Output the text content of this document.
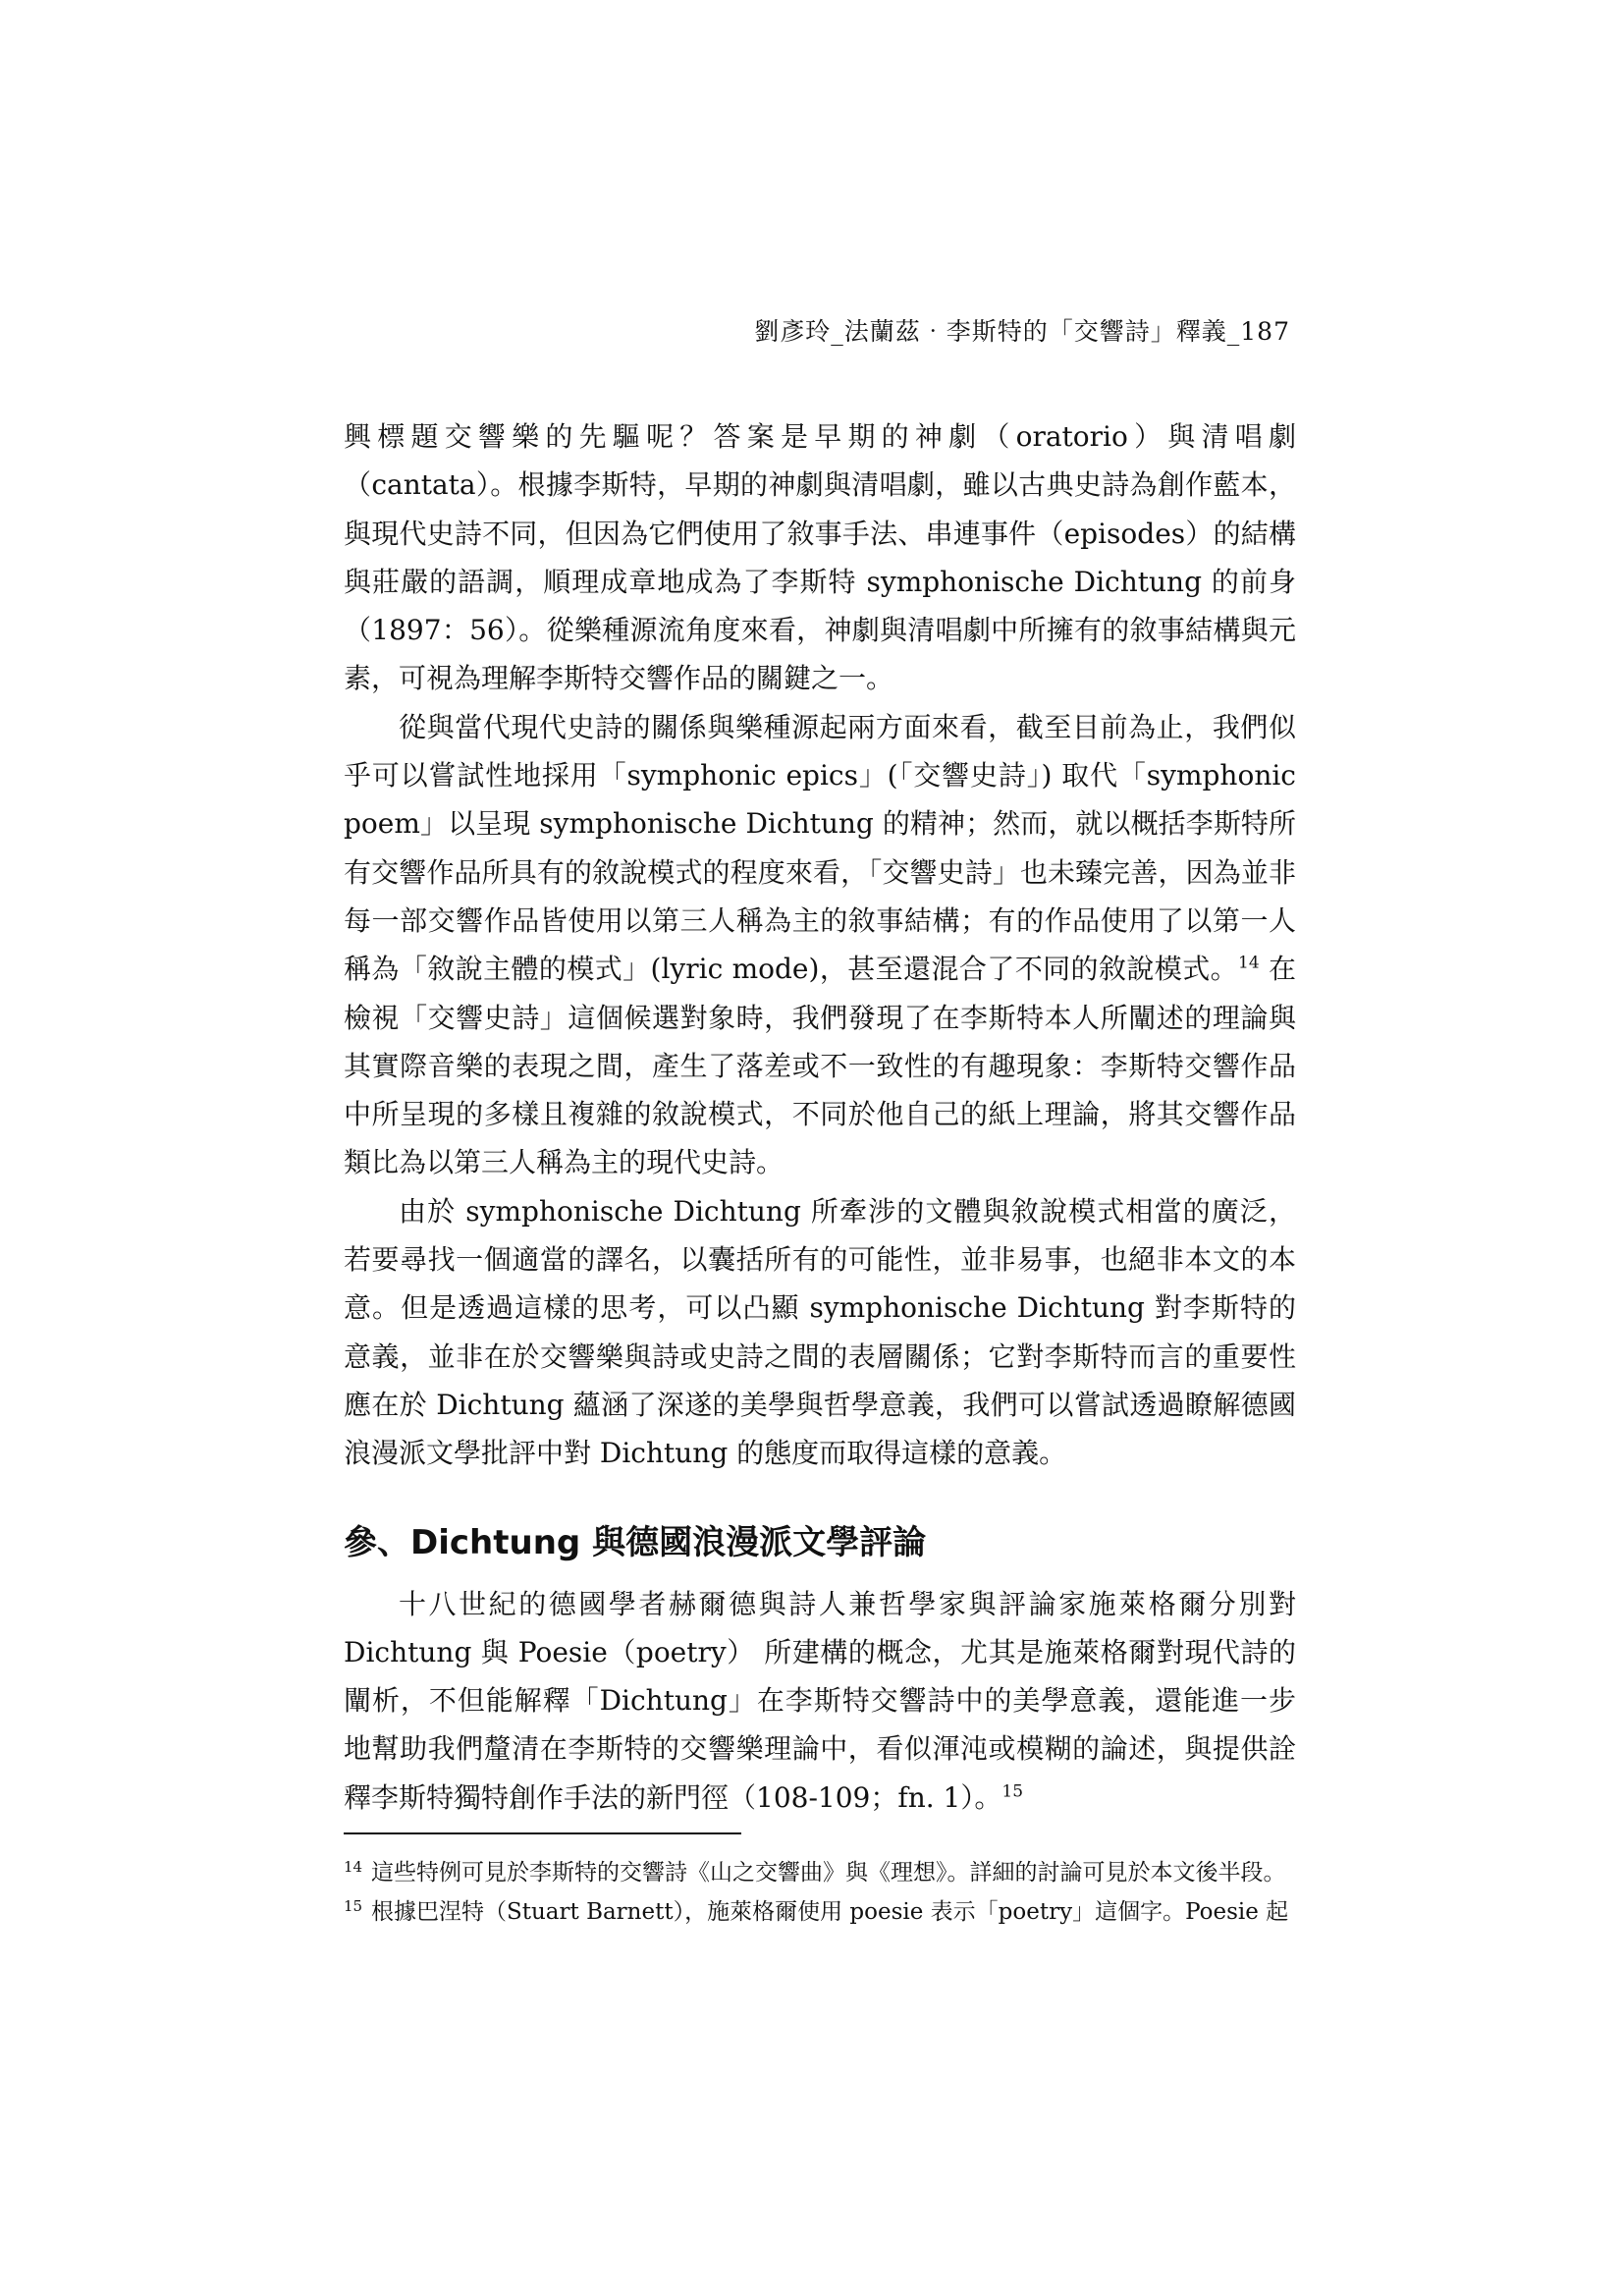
劉彥玲_法蘭茲‧李斯特的「交響詩」釋義_187

興標題交響樂的先驅呢？答案是早期的神劇（oratorio）與清唱劇（cantata）。根據李斯特，早期的神劇與清唱劇，雖以古典史詩為創作藍本，與現代史詩不同，但因為它們使用了敘事手法、串連事件（episodes）的結構與莊嚴的語調，順理成章地成為了李斯特 symphonische Dichtung 的前身（1897：56）。從樂種源流角度來看，神劇與清唱劇中所擁有的敘事結構與元素，可視為理解李斯特交響作品的關鍵之一。

從與當代現代史詩的關係與樂種源起兩方面來看，截至目前為止，我們似乎可以嘗試性地採用「symphonic epics」(「交響史詩」) 取代「symphonic poem」以呈現 symphonische Dichtung 的精神；然而，就以概括李斯特所有交響作品所具有的敘說模式的程度來看，「交響史詩」也未臻完善，因為並非每一部交響作品皆使用以第三人稱為主的敘事結構；有的作品使用了以第一人稱為「敘說主體的模式」(lyric mode)，甚至還混合了不同的敘說模式。$^{14}$ 在檢視「交響史詩」這個候選對象時，我們發現了在李斯特本人所闡述的理論與其實際音樂的表現之間，產生了落差或不一致性的有趣現象：李斯特交響作品中所呈現的多樣且複雜的敘說模式，不同於他自己的紙上理論，將其交響作品類比為以第三人稱為主的現代史詩。

由於 symphonische Dichtung 所牽涉的文體與敘說模式相當的廣泛，若要尋找一個適當的譯名，以囊括所有的可能性，並非易事，也絕非本文的本意。但是透過這樣的思考，可以凸顯 symphonische Dichtung 對李斯特的意義，並非在於交響樂與詩或史詩之間的表層關係；它對李斯特而言的重要性應在於 Dichtung 蘊涵了深遂的美學與哲學意義，我們可以嘗試透過瞭解德國浪漫派文學批評中對 Dichtung 的態度而取得這樣的意義。

參、Dichtung 與德國浪漫派文學評論

十八世紀的德國學者赫爾德與詩人兼哲學家與評論家施萊格爾分別對 Dichtung 與 Poesie（poetry） 所建構的概念，尤其是施萊格爾對現代詩的闡析，不但能解釋「Dichtung」在李斯特交響詩中的美學意義，還能進一步地幫助我們釐清在李斯特的交響樂理論中，看似渾沌或模糊的論述，與提供詮釋李斯特獨特創作手法的新門徑（108-109；fn. 1）。$^{15}$

14 這些特例可見於李斯特的交響詩《山之交響曲》與《理想》。詳細的討論可見於本文後半段。

15 根據巴涅特（Stuart Barnett），施萊格爾使用 poesie 表示「poetry」這個字。Poesie 起
